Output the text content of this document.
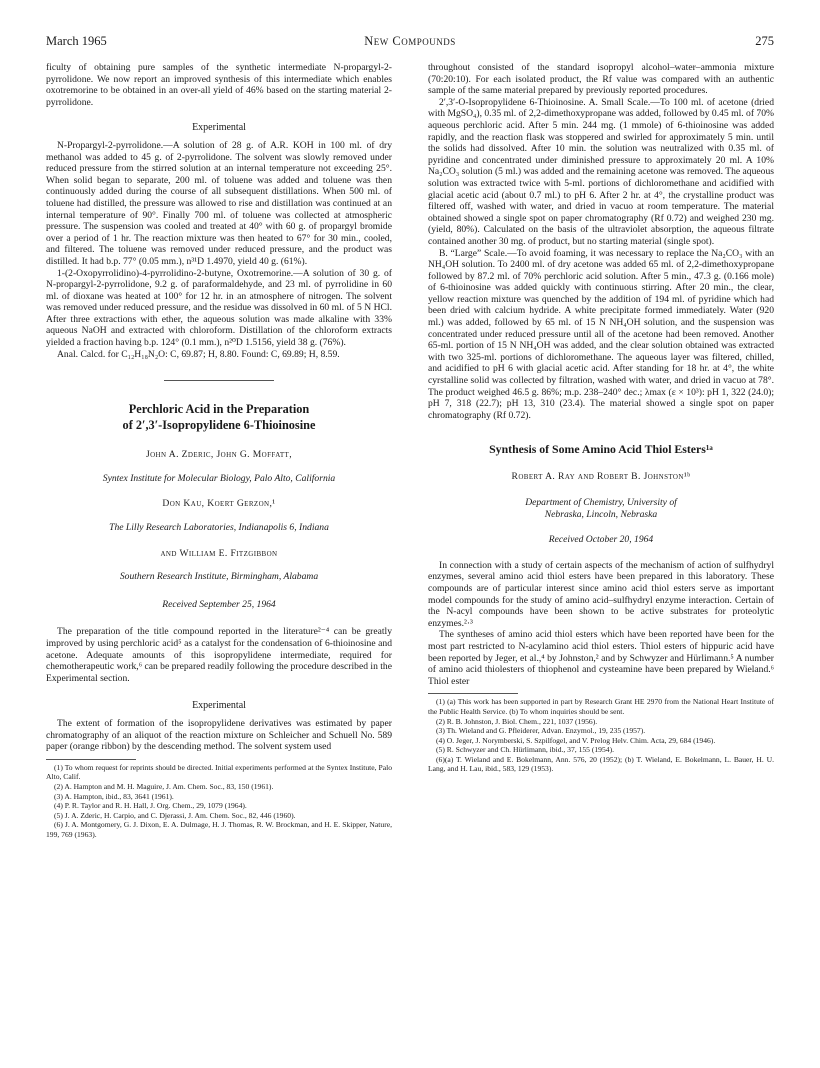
March 1965	New Compounds	275

ficulty of obtaining pure samples of the synthetic intermediate N-propargyl-2-pyrrolidone. We now report an improved synthesis of this intermediate which enables oxotremorine to be obtained in an over-all yield of 46% based on the starting material 2-pyrrolidone.

Experimental

N-Propargyl-2-pyrrolidone.—A solution of 28 g. of A.R. KOH in 100 ml. of dry methanol was added to 45 g. of 2-pyrrolidone. The solvent was slowly removed under reduced pressure from the stirred solution at an internal temperature not exceeding 25°. When solid began to separate, 200 ml. of toluene was added and toluene was then continuously added during the course of all subsequent distillations. When 500 ml. of toluene had distilled, the pressure was allowed to rise and distillation was continued at an internal temperature of 90°. Finally 700 ml. of toluene was collected at atmospheric pressure. The suspension was cooled and treated at 40° with 60 g. of propargyl bromide over a period of 1 hr. The reaction mixture was then heated to 67° for 30 min., cooled, and filtered. The toluene was removed under reduced pressure, and the product was distilled. It had b.p. 77° (0.05 mm.), n³¹D 1.4970, yield 40 g. (61%).

1-(2-Oxopyrrolidino)-4-pyrrolidino-2-butyne, Oxotremorine.—A solution of 30 g. of N-propargyl-2-pyrrolidone, 9.2 g. of paraformaldehyde, and 23 ml. of pyrrolidine in 60 ml. of dioxane was heated at 100° for 12 hr. in an atmosphere of nitrogen. The solvent was removed under reduced pressure, and the residue was dissolved in 60 ml. of 5 N HCl. After three extractions with ether, the aqueous solution was made alkaline with 33% aqueous NaOH and extracted with chloroform. Distillation of the chloroform extracts yielded a fraction having b.p. 124° (0.1 mm.), n²⁰D 1.5156, yield 38 g. (76%).

Anal. Calcd. for C₁₂H₁₈N₂O: C, 69.87; H, 8.80. Found: C, 69.89; H, 8.59.

Perchloric Acid in the Preparation
of 2′,3′-Isopropylidene 6-Thioinosine
John A. Zderic, John G. Moffatt,
Syntex Institute for Molecular Biology, Palo Alto, California
Don Kau, Koert Gerzon,¹
The Lilly Research Laboratories, Indianapolis 6, Indiana
and William E. Fitzgibbon
Southern Research Institute, Birmingham, Alabama
Received September 25, 1964

The preparation of the title compound reported in the literature²⁻⁴ can be greatly improved by using perchloric acid⁵ as a catalyst for the condensation of 6-thioinosine and acetone. Adequate amounts of this isopropylidene intermediate, required for chemotherapeutic work,⁶ can be prepared readily following the procedure described in the Experimental section.

Experimental

The extent of formation of the isopropylidene derivatives was estimated by paper chromatography of an aliquot of the reaction mixture on Schleicher and Schuell No. 589 paper (orange ribbon) by the descending method. The solvent system used

(1) To whom request for reprints should be directed. Initial experiments performed at the Syntex Institute, Palo Alto, Calif.
(2) A. Hampton and M. H. Maguire, J. Am. Chem. Soc., 83, 150 (1961).
(3) A. Hampton, ibid., 83, 3641 (1961).
(4) P. R. Taylor and R. H. Hall, J. Org. Chem., 29, 1079 (1964).
(5) J. A. Zderic, H. Carpio, and C. Djerassi, J. Am. Chem. Soc., 82, 446 (1960).
(6) J. A. Montgomery, G. J. Dixon, E. A. Dulmage, H. J. Thomas, R. W. Brockman, and H. E. Skipper, Nature, 199, 769 (1963).

throughout consisted of the standard isopropyl alcohol–water–ammonia mixture (70:20:10). For each isolated product, the Rf value was compared with an authentic sample of the same material prepared by previously reported procedures.

2′,3′-O-Isopropylidene 6-Thioinosine. A. Small Scale.—To 100 ml. of acetone (dried with MgSO₄), 0.35 ml. of 2,2-dimethoxypropane was added, followed by 0.45 ml. of 70% aqueous perchloric acid. After 5 min. 244 mg. (1 mmole) of 6-thioinosine was added rapidly, and the reaction flask was stoppered and swirled for approximately 5 min. until the solids had dissolved. After 10 min. the solution was neutralized with 0.35 ml. of pyridine and concentrated under diminished pressure to approximately 20 ml. A 10% Na₂CO₃ solution (5 ml.) was added and the remaining acetone was removed. The aqueous solution was extracted twice with 5-ml. portions of dichloromethane and acidified with glacial acetic acid (about 0.7 ml.) to pH 6. After 2 hr. at 4°, the crystalline product was filtered off, washed with water, and dried in vacuo at room temperature. The material obtained showed a single spot on paper chromatography (Rf 0.72) and weighed 230 mg. (yield, 80%). Calculated on the basis of the ultraviolet absorption, the aqueous filtrate contained another 30 mg. of product, but no starting material (single spot).

B. “Large” Scale.—To avoid foaming, it was necessary to replace the Na₂CO₃ with an NH₄OH solution. To 2400 ml. of dry acetone was added 65 ml. of 2,2-dimethoxypropane followed by 87.2 ml. of 70% perchloric acid solution. After 5 min., 47.3 g. (0.166 mole) of 6-thioinosine was added quickly with continuous stirring. After 20 min., the clear, yellow reaction mixture was quenched by the addition of 194 ml. of pyridine which had been dried with calcium hydride. A white precipitate formed immediately. Water (920 ml.) was added, followed by 65 ml. of 15 N NH₄OH solution, and the suspension was concentrated under reduced pressure until all of the acetone had been removed. Another 65-ml. portion of 15 N NH₄OH was added, and the clear solution obtained was extracted with two 325-ml. portions of dichloromethane. The aqueous layer was filtered, chilled, and acidified to pH 6 with glacial acetic acid. After standing for 18 hr. at 4°, the white cyrstalline solid was collected by filtration, washed with water, and dried in vacuo at 78°. The product weighed 46.5 g. 86%; m.p. 238–240° dec.; λmax (ε × 10³): pH 1, 322 (24.0); pH 7, 318 (22.7); pH 13, 310 (23.4). The material showed a single spot on paper chromatography (Rf 0.72).

Synthesis of Some Amino Acid Thiol Esters¹ᵃ
Robert A. Ray and Robert B. Johnston¹ᵇ
Department of Chemistry, University of
Nebraska, Lincoln, Nebraska
Received October 20, 1964

In connection with a study of certain aspects of the mechanism of action of sulfhydryl enzymes, several amino acid thiol esters have been prepared in this laboratory. These compounds are of particular interest since amino acid thiol esters serve as important model compounds for the study of amino acid–sulfhydryl enzyme interaction. Certain of the N-acyl compounds have been shown to be active substrates for proteolytic enzymes.²·³

The syntheses of amino acid thiol esters which have been reported have been for the most part restricted to N-acylamino acid thiol esters. Thiol esters of hippuric acid have been reported by Jeger, et al.,⁴ by Johnston,² and by Schwyzer and Hürlimann.⁵ A number of amino acid thiolesters of thiophenol and cysteamine have been prepared by Wieland.⁶ Thiol ester

(1) (a) This work has been supported in part by Research Grant HE 2970 from the National Heart Institute of the Public Health Service. (b) To whom inquiries should be sent.
(2) R. B. Johnston, J. Biol. Chem., 221, 1037 (1956).
(3) Th. Wieland and G. Pfleiderer, Advan. Enzymol., 19, 235 (1957).
(4) O. Jeger, J. Norymberski, S. Szpilfogel, and V. Prelog Helv. Chim. Acta, 29, 684 (1946).
(5) R. Schwyzer and Ch. Hürlimann, ibid., 37, 155 (1954).
(6)(a) T. Wieland and E. Bokelmann, Ann. 576, 20 (1952); (b) T. Wieland, E. Bokelmann, L. Bauer, H. U. Lang, and H. Lau, ibid., 583, 129 (1953).
